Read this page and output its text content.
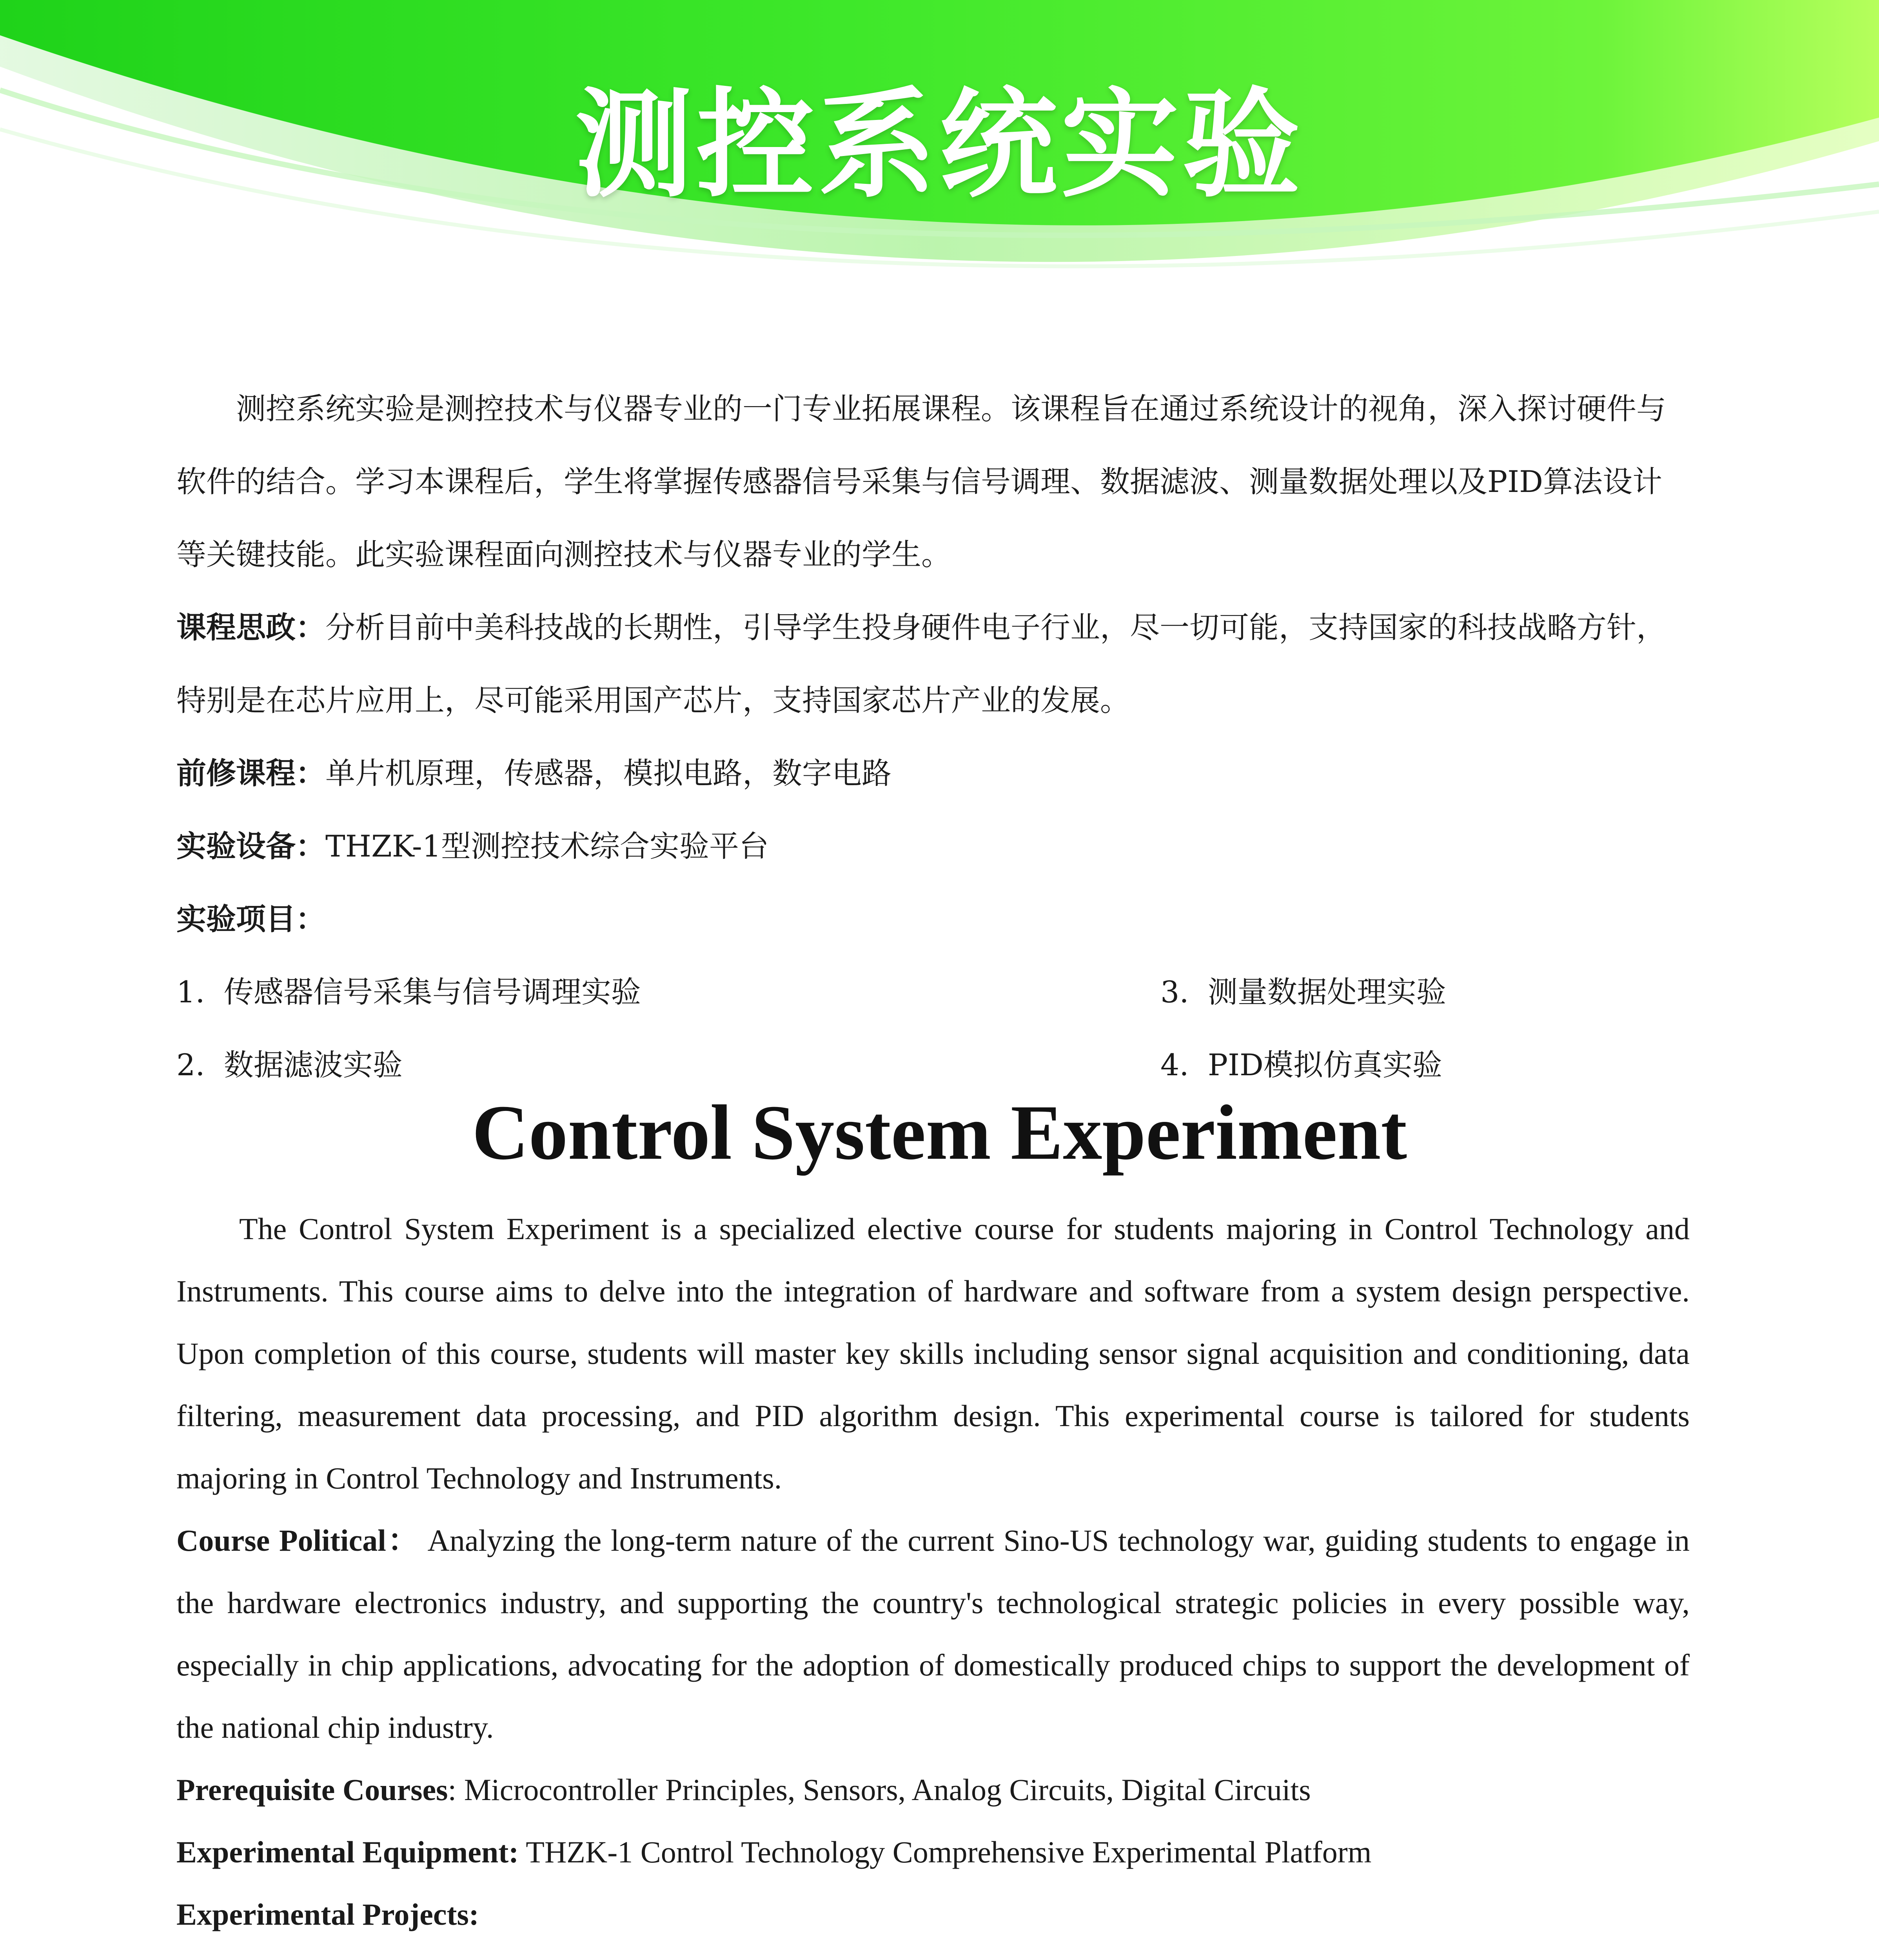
测控系统实验

测控系统实验是测控技术与仪器专业的一门专业拓展课程。该课程旨在通过系统设计的视角，深入探讨硬件与软件的结合。学习本课程后，学生将掌握传感器信号采集与信号调理、数据滤波、测量数据处理以及PID算法设计等关键技能。此实验课程面向测控技术与仪器专业的学生。

课程思政：分析目前中美科技战的长期性，引导学生投身硬件电子行业，尽一切可能，支持国家的科技战略方针，特别是在芯片应用上，尽可能采用国产芯片，支持国家芯片产业的发展。

前修课程：单片机原理，传感器，模拟电路，数字电路

实验设备：THZK-1型测控技术综合实验平台

实验项目：

1. 传感器信号采集与信号调理实验
2. 数据滤波实验
3. 测量数据处理实验
4. PID模拟仿真实验
Control System Experiment

The Control System Experiment is a specialized elective course for students majoring in Control Technology and Instruments. This course aims to delve into the integration of hardware and software from a system design perspective. Upon completion of this course, students will master key skills including sensor signal acquisition and conditioning, data filtering, measurement data processing, and PID algorithm design. This experimental course is tailored for students majoring in Control Technology and Instruments.

Course Political： Analyzing the long-term nature of the current Sino-US technology war, guiding students to engage in the hardware electronics industry, and supporting the country's technological strategic policies in every possible way, especially in chip applications, advocating for the adoption of domestically produced chips to support the development of the national chip industry.

Prerequisite Courses: Microcontroller Principles, Sensors, Analog Circuits, Digital Circuits

Experimental Equipment: THZK-1 Control Technology Comprehensive Experimental Platform

Experimental Projects:
